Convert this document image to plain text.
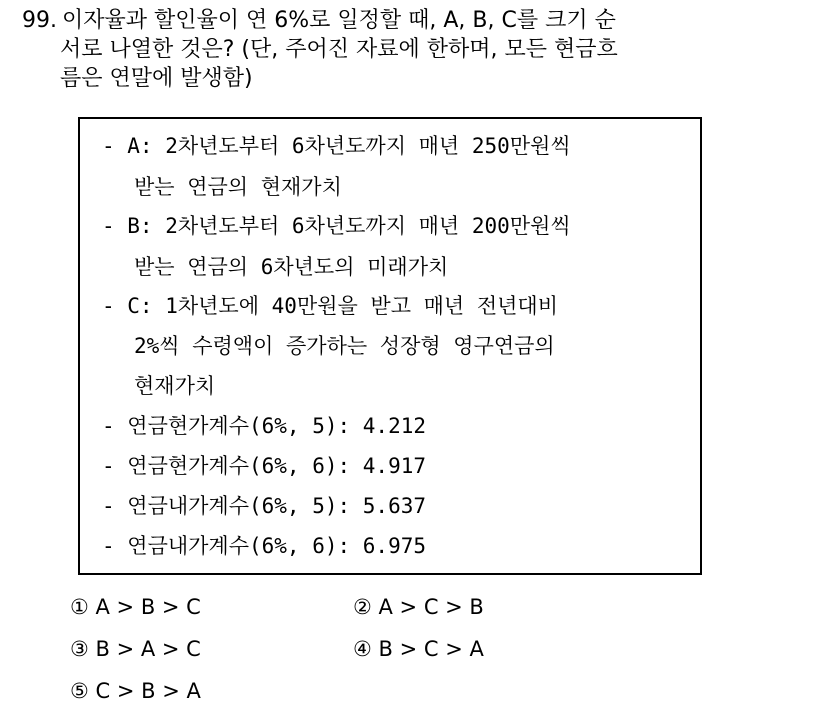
99. 이자율과 할인율이 연 6%로 일정할 때, A, B, C를 크기 순
서로 나열한 것은? (단, 주어진 자료에 한하며, 모든 현금흐
름은 연말에 발생함)
- A: 2차년도부터 6차년도까지 매년 250만원씩
받는 연금의 현재가치
- B: 2차년도부터 6차년도까지 매년 200만원씩
받는 연금의 6차년도의 미래가치
- C: 1차년도에 40만원을 받고 매년 전년대비
2%씩 수령액이 증가하는 성장형 영구연금의
현재가치
- 연금현가계수(6%, 5): 4.212
- 연금현가계수(6%, 6): 4.917
- 연금내가계수(6%, 5): 5.637
- 연금내가계수(6%, 6): 6.975
① A > B > C	② A > C > B
③ B > A > C	④ B > C > A
⑤ C > B > A
